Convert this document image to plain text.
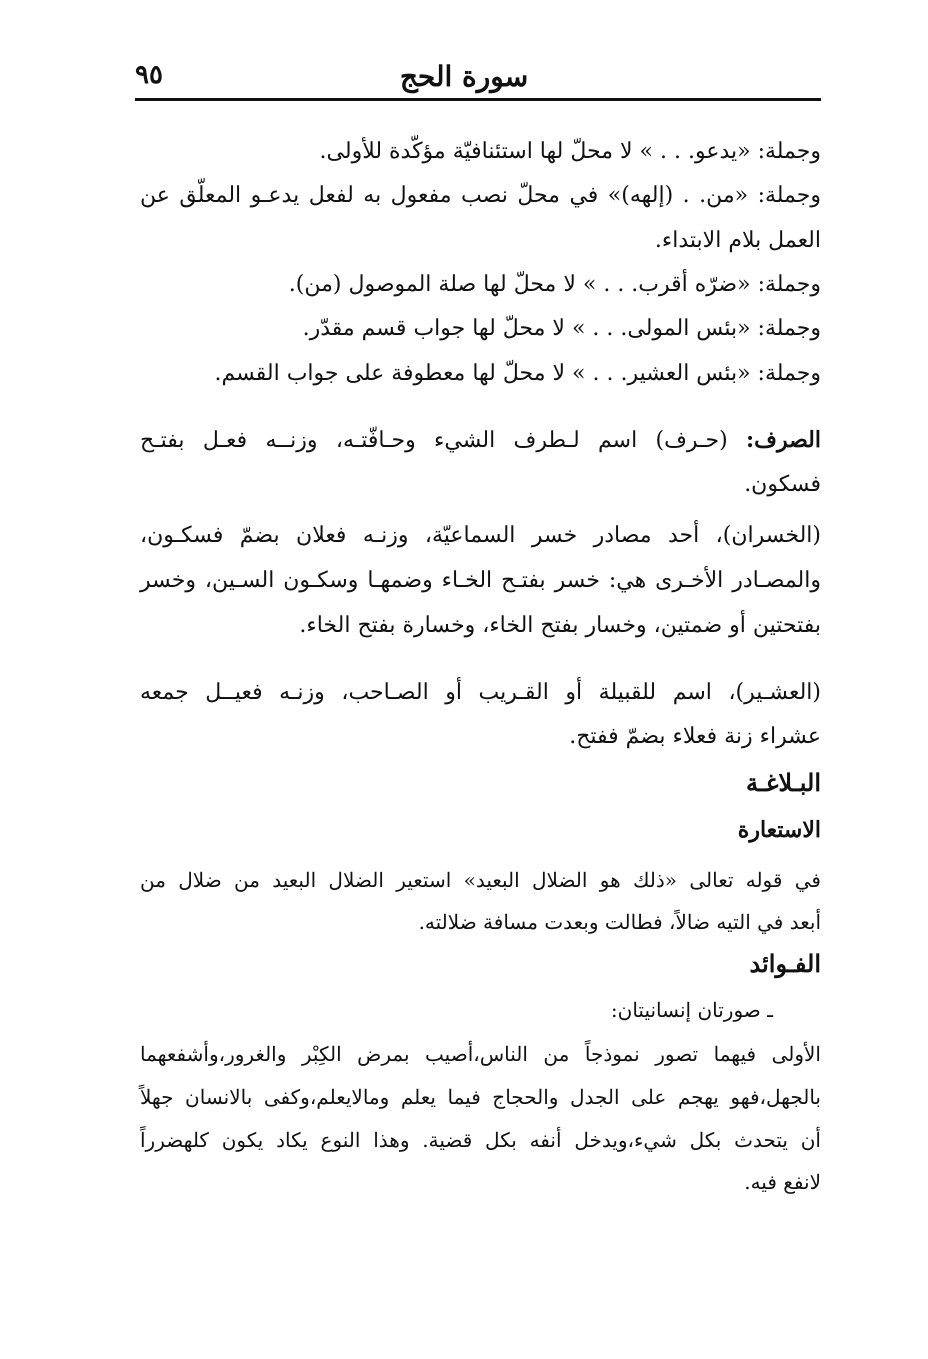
سورة الحج
٩٥
وجملة: «يدعو. . . » لا محلّ لها استئنافيّة مؤكّدة للأولى.
وجملة: «من. . (إلهه)» في محلّ نصب مفعول به لفعل يدعـو المعلّق عن
العمل بلام الابتداء.
وجملة: «ضرّه أقرب. . . » لا محلّ لها صلة الموصول (من).
وجملة: «بئس المولى. . . » لا محلّ لها جواب قسم مقدّر.
وجملة: «بئس العشير. . . » لا محلّ لها معطوفة على جواب القسم.
الصرف: (حـرف) اسم لـطرف الشيء وحـافّتـه، وزنــه فعـل بفتـح
فسكون.
(الخسران)، أحد مصادر خسر السماعيّة، وزنـه فعلان بضمّ فسكـون،
والمصـادر الأخـرى هي: خسر بفتـح الخـاء وضمهـا وسكـون السـين، وخسر
بفتحتين أو ضمتين، وخسار بفتح الخاء، وخسارة بفتح الخاء.
(العشـير)، اسم للقبيلة أو القـريب أو الصـاحب، وزنـه فعيــل جمعه
عشراء زنة فعلاء بضمّ ففتح.
البـلاغـة
الاستعارة
في قوله تعالى «ذلك هو الضلال البعيد» استعير الضلال البعيد من ضلال من
أبعد في التيه ضالاً، فطالت وبعدت مسافة ضلالته.
الفـوائد
ـ صورتان إنسانيتان:
الأولى فيهما تصور نموذجاً من الناس،أصيب بمرض الكِبْر والغرور،وأشفعهما
بالجهل،فهو يهجم على الجدل والحجاج فيما يعلم ومالايعلم،وكفى بالانسان جهلاً
أن يتحدث بكل شيء،ويدخل أنفه بكل قضية. وهذا النوع يكاد يكون كلهضرراً
لانفع فيه.
